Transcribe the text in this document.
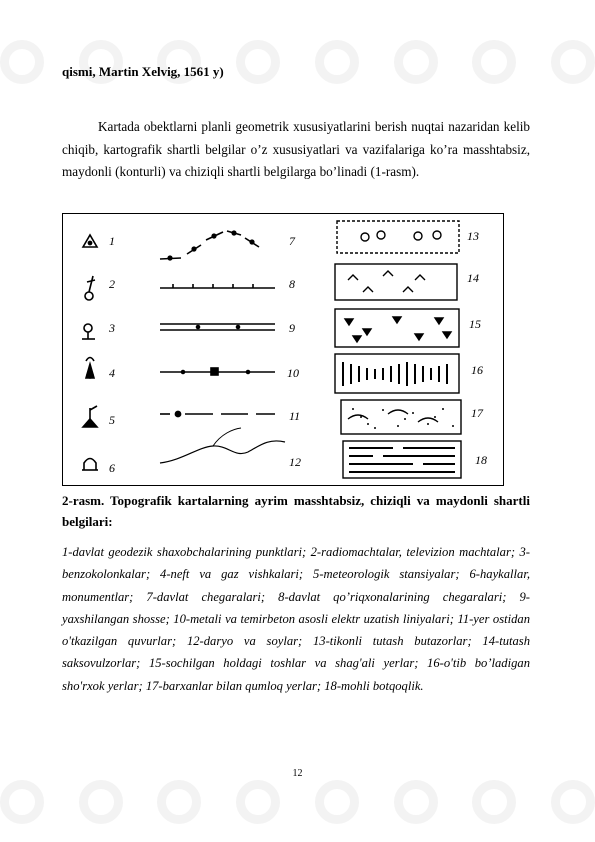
qismi, Martin Xelvig, 1561 y)

Kartada obektlarni planli geometrik xususiyatlarini berish nuqtai nazaridan kelib chiqib, kartografik shartli belgilar o’z xususiyatlari va vazifalariga ko’ra masshtabsiz, maydonli (konturli) va chiziqli shartli belgilarga bo’linadi (1-rasm).

1
2
3
4
5
6
7
8
9
10
11
12
13
14
15
16
17
18

2-rasm. Topografik kartalarning ayrim masshtabsiz, chiziqli va maydonli shartli belgilari:

1-davlat geodezik shaxobchalarining punktlari; 2-radiomachtalar, televizion machtalar; 3-benzokolonkalar; 4-neft va gaz vishkalari; 5-meteorologik stansiyalar; 6-haykallar, monumentlar; 7-davlat chegaralari; 8-davlat qo’riqxonalarining chegaralari; 9-yaxshilangan shosse; 10-metali va temirbeton asosli elektr uzatish liniyalari; 11-yer ostidan o'tkazilgan quvurlar; 12-daryo va soylar; 13-tikonli tutash butazorlar; 14-tutash saksovulzorlar; 15-sochilgan holdagi toshlar va shag'ali yerlar; 16-o'tib bo’ladigan sho'rxok yerlar; 17-barxanlar bilan qumloq yerlar; 18-mohli botqoqlik.

12
